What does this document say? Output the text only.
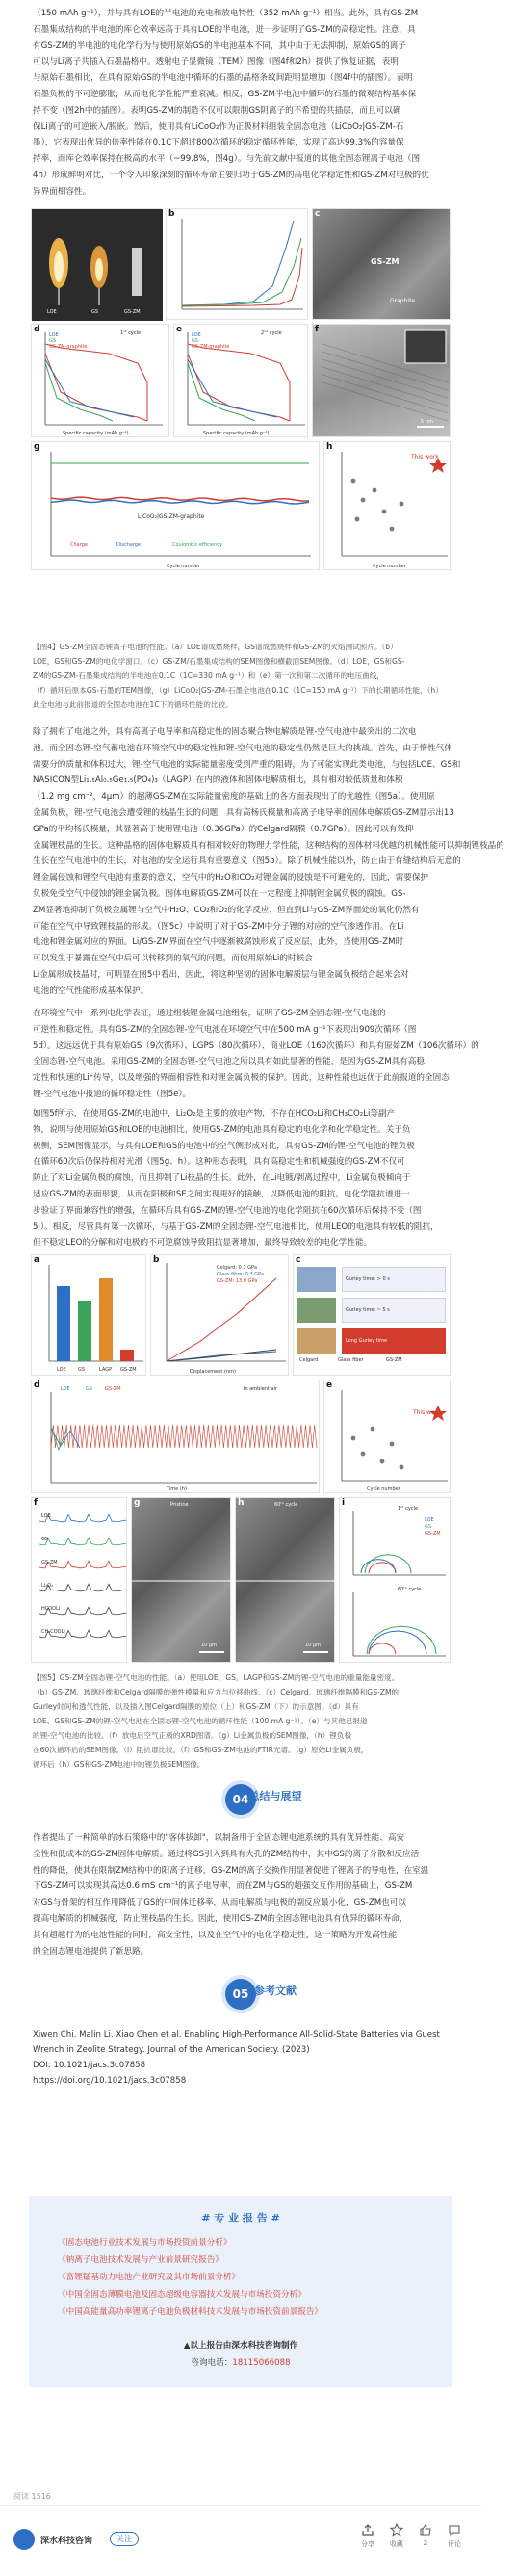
（150 mAh g⁻¹），并与具有LOE的半电池的充电和放电特性（352 mAh g⁻¹）相当。此外，具有GS-ZM
石墨集成结构的半电池的库仑效率远高于具有LOE的半电池，进一步证明了GS-ZM的高稳定性。注意，具
有GS-ZM的半电池的电化学行为与使用原始GS的半电池基本不同，其中由于无法抑制，原始GS的离子
可以与Li离子共插入石墨晶格中。透射电子显微镜（TEM）图像（图4f和2h）提供了恢复证据，表明
与原始石墨相比，在具有原始GS的半电池中循环的石墨的晶格条纹间距明显增加（图4f中的插图）。表明
石墨负极的不可逆膨胀，从而电化学性能严重衰减。相反，GS-ZM半电池中循环的石墨的微观结构基本保
持不变（图2h中的插图）。表明GS-ZM的制造不仅可以限制GS阴离子的不希望的共插层，而且可以确
保Li离子的可逆嵌入/脱嵌。然后，使用具有LiCoO₂作为正极材料组装全固态电池（LiCoO₂|GS-ZM-石
墨），它表现出优异的倍率性能在0.1C下超过800次循环的稳定循环性能，实现了高达99.3%的容量保
持率，而库仑效率保持在极高的水平（~99.8%，图4g）。与先前文献中报道的其他全固态锂离子电池（图
4h）形成鲜明对比，一个令人印象深刻的循环寿命主要归功于GS-ZM的高电化学稳定性和GS-ZM对电极的优
异界面相容性。
LOE	GS	GS-ZM
b	c
GS-ZM
Graphite
d	1ˢᵗ cycle
LOE
GS
GS-ZM-graphite
Specific capacity (mAh g⁻¹)
e	2ⁿᵈ cycle
LOE
GS
GS-ZM-graphite
Specific capacity (mAh g⁻¹)
f
5 nm
g
LiCoO₂|GS-ZM-graphite
Charge	Discharge	Coulombic efficiency
Cycle number
h
This work
Cycle number
【图4】GS-ZM全固态锂离子电池的性能。（a）LOE谱成燃烧样，GS谱成燃烧样和GS-ZM的火焰测试照片。（b）
LOE，GS和GS-ZM的电化学窗口。（c）GS-ZM/石墨集成结构的SEM图像和横截面SEM图像。（d）LOE，GS和GS-
ZM的GS-ZM-石墨集成结构的半电池在0.1C（1C=330 mA g⁻¹）和（e）第一次和第二次循环的电压曲线，
（f）循环后原本GS-石墨的TEM图像，（g）LiCoO₂|GS-ZM-石墨全电池在0.1C（1C=150 mA g⁻¹）下的长期循环性能，（h）
此全电池与此前报道的全固态电池在1C下的循环性能的比较。
除了拥有了电池之外，具有高离子电导率和高稳定性的固态聚合物电解质是锂-空气电池中最突出的二次电
池。而全固态锂-空气蓄电池在环境空气中的稳定性和锂-空气电池的稳定性仍然是巨大的挑战。首先，由于惰性气体
需要分的质量和体积过大，锂-空气电池的实际能量密度受到严重的阻碍，为了可能实现此类电池，与包括LOE、GS和
NASICON型Li₁.₅Al₀.₅Ge₁.₅(PO₄)₃（LAGP）在内的液体和固体电解质相比，具有相对较低质量和体积
（1.2 mg cm⁻²，4μm）的超薄GS-ZM在实际能量密度的基础上的各方面表现出了的优越性（图5a）。使用原
金属负极，锂-空气电池会遭受锂的枝晶生长的问题，具有高杨氏模量和高离子电导率的固体电解质GS-ZM显示出13
GPa的平均杨氏模量，其显著高于使用锂电池（0.36GPa）的Celgard隔膜（0.7GPa）。因此可以有效抑
金属锂枝晶的生长。这种晶格的固体电解质具有相对较好的物理力学性能，这种结构的固体材料优越的机械性能可以抑制锂枝晶的
生长在空气电池中的生长，对电池的安全运行具有重要意义（图5b）。除了机械性能以外，防止由于有缝结构后无意的
锂金属侵蚀和锂空气电池有重要的意义，空气中的H₂O和CO₂对锂金属的侵蚀是不可避免的，因此，需要保护
负极免受空气中侵蚀的锂金属负极。固体电解质GS-ZM可以在一定程度上抑制锂金属负极的腐蚀。GS-
ZM显著地抑制了负极金属锂与空气中H₂O、CO₂和O₂的化学反应，但直到Li与GS-ZM界面处的氧化仍然有
可能在空气中导致锂枝晶的形成。（图5c）中说明了对于GS-ZM中分子锂的对应的空气渗透作用。在Li
电池和锂金属对应的界面。Li/GS-ZM界面在空气中逐渐被腐蚀形成了反应层，此外，当使用GS-ZM时
可以发生于暴露在空气中后可以转移到的氧气的问题，而使用原始Li的时候会
Li金属形成枝晶时，可明显在图5中看出，因此，将这种坚韧的固体电解质层与锂金属负极结合起来会对
电池的空气性能形成基本保护。
在环境空气中一系列电化学表征，通过组装锂金属电池组装，证明了GS-ZM全固态锂-空气电池的
可逆性和稳定性。具有GS-ZM的全固态锂-空气电池在环境空气中在500 mA g⁻¹下表现出909次循环（图
5d）。这远远优于具有原始GS（9次循环）、LGPS（80次循环）、商业LOE（160次循环）和具有原始ZM（106次循环）的
全固态锂-空气电池。采用GS-ZM的全固态锂-空气电池之所以具有如此显著的性能，是因为GS-ZM具有高稳
定性和快速的Li⁺传导，以及增强的界面相容性和对锂金属负极的保护。因此，这种性能也远优于此前报道的全固态
锂-空气电池中报道的循环稳定性（图5e）。
如图5f所示，在使用GS-ZM的电池中，Li₂O₂是主要的放电产物，不存在HCO₂Li和CH₃CO₂Li等副产
物，说明与使用原始GS和LOE的电池相比，使用GS-ZM的电池具有稳定的电化学和化学稳定性。关于负
极侧，SEM图像显示，与具有LOE和GS的电池中的空气侧形成对比，具有GS-ZM的锂-空气电池的锂负极
在循环60次后仍保持相对光滑（图5g、h）。这种形态表明，具有高稳定性和机械强度的GS-ZM不仅可
防止了对Li金属负极的腐蚀，而且抑制了Li枝晶的生长。此外，在Li电镀/剥离过程中，Li金属负极倾向于
适应GS-ZM的表面形貌，从而在阳极和SE之间实现更好的接触，以降低电池的阻抗。电化学阻抗谱进一
步验证了界面兼容性的增强，在循环后具有GS-ZM的锂-空气电池的电化学阻抗在60次循环后保持不变（图
5i）。相反，尽管具有第一次循环，与基于GS-ZM的全固态锂-空气电池相比，使用LEO的电池具有较低的阻抗，
但不稳定LEO的分解和对电极的不可逆腐蚀导致阻抗显著增加，最终导致较差的电化学性能。
a
LOE GS	LAGP GS-ZM
b
Celgard: 0.7 GPa
Glass fibre: 0.3 GPa
GS-ZM: 13.0 GPa
Displacement (nm)
c
Gurley time: > 0 s
Gurley time: ~ 5 s
Long Gurley time
Celgard	Glass fiber	GS-ZM
d	LOE	GS	GS-ZM	In ambient air
Time (h)
e
This work
Cycle number
f
LOE
GS
GS-ZM
Li₂O₂
HCOOLi
CH₃COOLi
g	Pristine
10 μm
h	60ᵗʰ cycle
10 μm
i
1ˢᵗ cycle
60ᵗʰ cycle
LOE
GS
GS-ZM
【图5】GS-ZM全固态锂-空气电池的性能。（a）使用LOE，GS，LAGP和GS-ZM的锂-空气电池的重量能量密度。
（b）GS-ZM、玻璃纤维和Celgard隔膜的弹性模量和应力与位移曲线。（c）Celgard、玻璃纤维隔膜和GS-ZM的
Gurley时间和透气性能，以及插入图Celgard隔膜的原位（上）和GS-ZM（下）的示意图。（d）具有
LOE、GS和GS-ZM的锂-空气电池在全固态锂-空气电池的循环性能（100 mA g⁻¹）。（e）与其他已报道
的锂-空气电池的比较。（f）放电后空气正极的XRD图谱。（g）Li金属负极的SEM图像，（h）锂负极
在60次循环后的SEM图像。（i）阻抗谱比较。（f）GS和GS-ZM电池的FTIR光谱。（g）原始Li金属负极，
循环后（h）GS和GS-ZM电池中的锂负极SEM图像。
04 总结与展望
作者提出了一种简单的冰石策略中的"客体拔卸"，以制备用于全固态锂电池系统的具有优异性能、高安
全性和低成本的GS-ZM固体电解质。通过将GS引入到具有大孔的ZM结构中，其中GS的离子分散和反应活
性的降低，使其在限制ZM结构中的阳离子迁移，GS-ZM的离子交换作用显著促进了锂离子的导电性，在室温
下GS-ZM可以实现其高达0.6 mS cm⁻¹的离子电导率，而在ZM与GS的超强交互作用的基础上，GS-ZM
对GS与骨架的相互作用降低了GS的中间体迁移率，从而电解质与电极的副反应最小化，GS-ZM也可以
提高电解质的机械强度，防止锂枝晶的生长。因此，使用GS-ZM的全固态锂电池具有优异的循环寿命，
其有超越行为的电池性能的同时，高安全性，以及在空气中的电化学稳定性，这一策略为开发高性能
的全固态锂电池提供了新思路。
05 参考文献
Xiwen Chi, Malin Li, Xiao Chen et al. Enabling High-Performance All-Solid-State Batteries via Guest
Wrench in Zeolite Strategy. Journal of the American Society. (2023)
DOI: 10.1021/jacs.3c07858
https://doi.org/10.1021/jacs.3c07858
# 专 业 报 告 #
《固态电池行业技术发展与市场投资前景分析》
《钠离子电池技术发展与产业前景研究报告》
《富锂锰基动力电池产业研究及其市场前景分析》
《中国全固态薄膜电池及固态超级电容器技术发展与市场投资分析》
《中国高能量高功率锂离子电池负极材料技术发展与市场投资前景报告》
▲以上报告由深水科技咨询制作
咨询电话：18115066088
阅读 1516
深水科技咨询	关注
分享	收藏	2	评论
